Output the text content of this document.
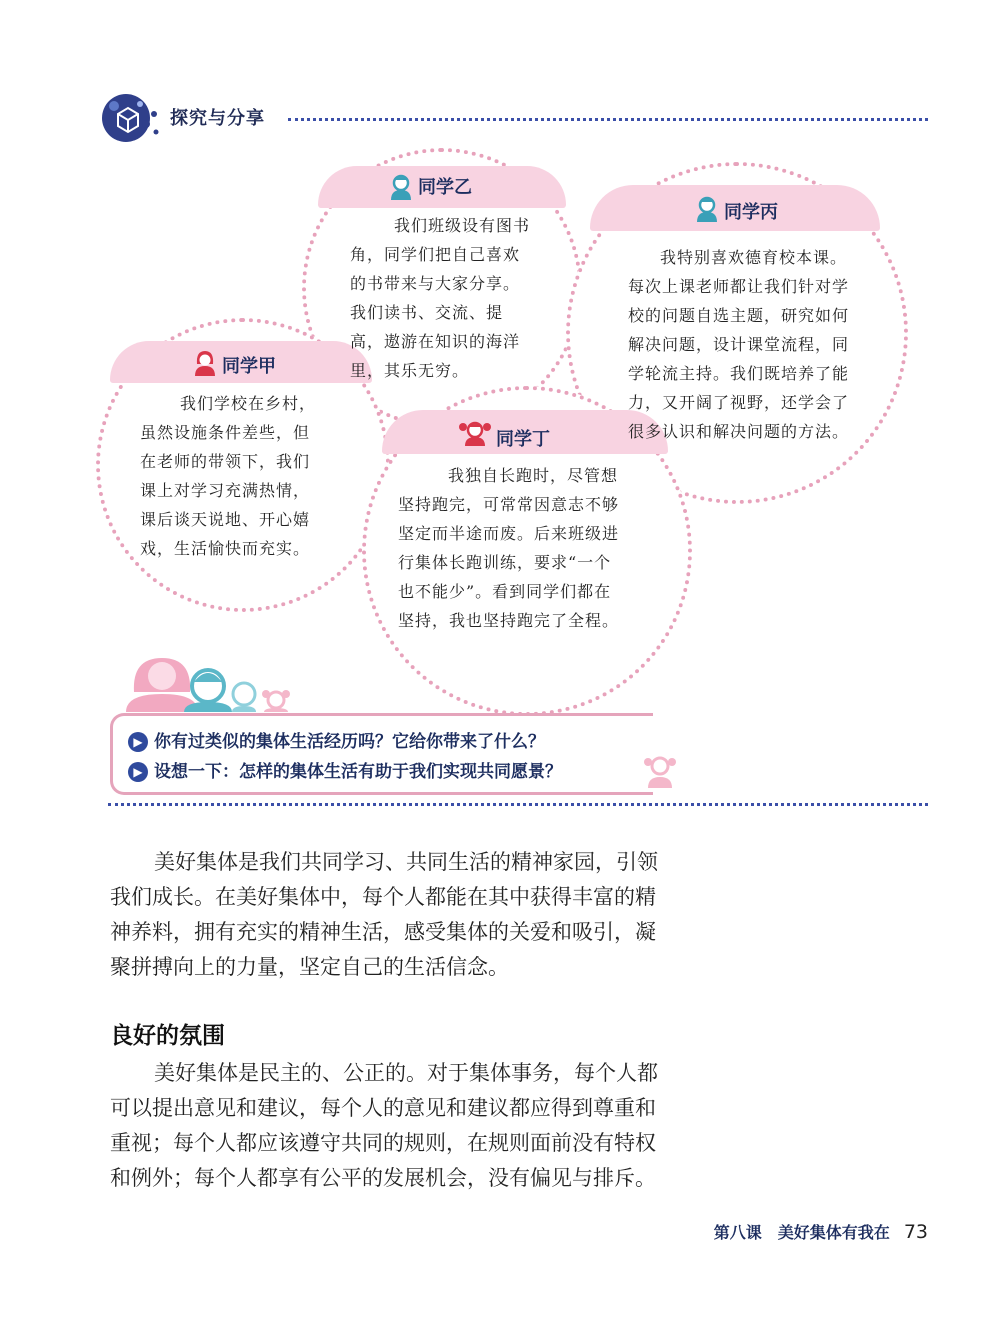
探究与分享
同学乙
我们班级设有图书
角，同学们把自己喜欢
的书带来与大家分享。
我们读书、交流、提
高，遨游在知识的海洋
里，其乐无穷。
同学丙
我特别喜欢德育校本课。
每次上课老师都让我们针对学
校的问题自选主题，研究如何
解决问题，设计课堂流程，同
学轮流主持。我们既培养了能
力，又开阔了视野，还学会了
很多认识和解决问题的方法。
同学甲
我们学校在乡村，
虽然设施条件差些，但
在老师的带领下，我们
课上对学习充满热情，
课后谈天说地、开心嬉
戏，生活愉快而充实。
同学丁
我独自长跑时，尽管想
坚持跑完，可常常因意志不够
坚定而半途而废。后来班级进
行集体长跑训练，要求“一个
也不能少”。看到同学们都在
坚持，我也坚持跑完了全程。
▶ 你有过类似的集体生活经历吗？它给你带来了什么？
▶ 设想一下：怎样的集体生活有助于我们实现共同愿景？
美好集体是我们共同学习、共同生活的精神家园，引领
我们成长。在美好集体中，每个人都能在其中获得丰富的精
神养料，拥有充实的精神生活，感受集体的关爱和吸引，凝
聚拼搏向上的力量，坚定自己的生活信念。
良好的氛围
美好集体是民主的、公正的。对于集体事务，每个人都
可以提出意见和建议，每个人的意见和建议都应得到尊重和
重视；每个人都应该遵守共同的规则，在规则面前没有特权
和例外；每个人都享有公平的发展机会，没有偏见与排斥。
第八课　美好集体有我在 73
